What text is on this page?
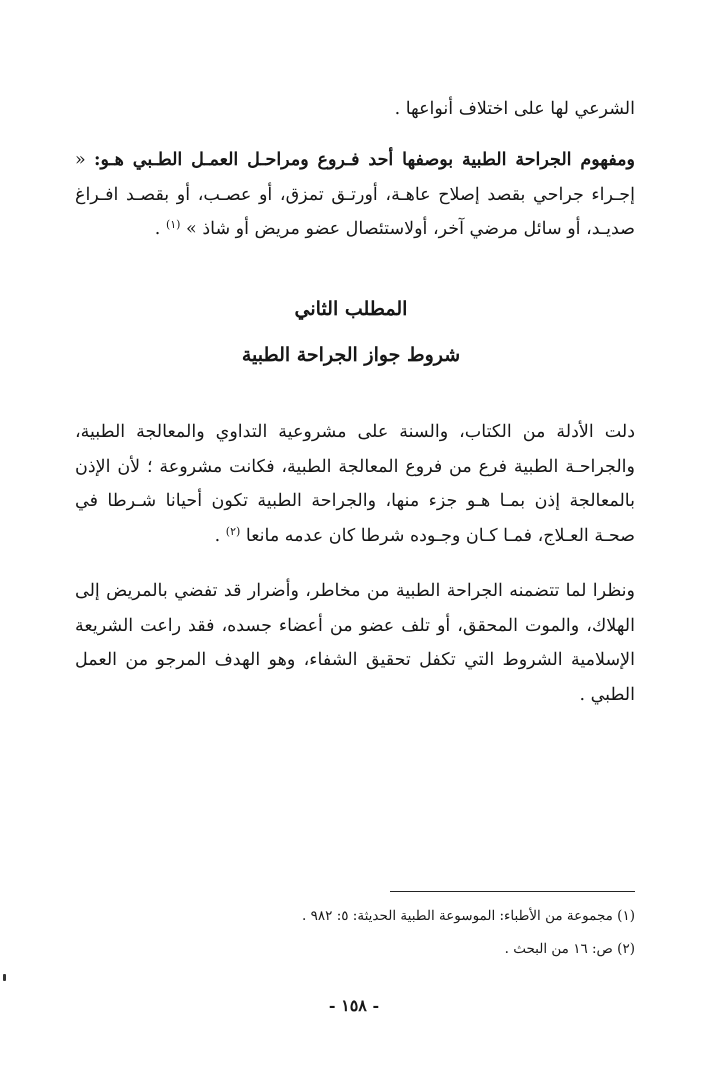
الشرعي لها على اختلاف أنواعها .

ومفهوم الجراحة الطبية بوصفها أحد فـروع ومراحـل العمـل الطـبي هـو: « إجـراء جراحي بقصد إصلاح عاهـة، أورتـق تمزق، أو عصـب، أو بقصـد افـراغ صديـد، أو سائل مرضي آخر، أولاستئصال عضو مريض أو شاذ » $^{(١)}$ .

المطلب الثاني
شروط جواز الجراحة الطبية

دلت الأدلة من الكتاب، والسنة على مشروعية التداوي والمعالجة الطبية، والجراحـة الطبية فرع من فروع المعالجة الطبية، فكانت مشروعة ؛ لأن الإذن بالمعالجة إذن بمـا هـو جزء منها، والجراحة الطبية تكون أحيانا شـرطا في صحـة العـلاج، فمـا كـان وجـوده شرطا كان عدمه مانعا $^{(٢)}$ .

ونظرا لما تتضمنه الجراحة الطبية من مخاطر، وأضرار قد تفضي بالمريض إلى الهلاك، والموت المحقق، أو تلف عضو من أعضاء جسده، فقد راعت الشريعة الإسلامية الشروط التي تكفل تحقيق الشفاء، وهو الهدف المرجو من العمل الطبي .

(١) مجموعة من الأطباء: الموسوعة الطبية الحديثة: ٥: ٩٨٢ .

(٢) ص: ١٦ من البحث .

- ١٥٨ -
